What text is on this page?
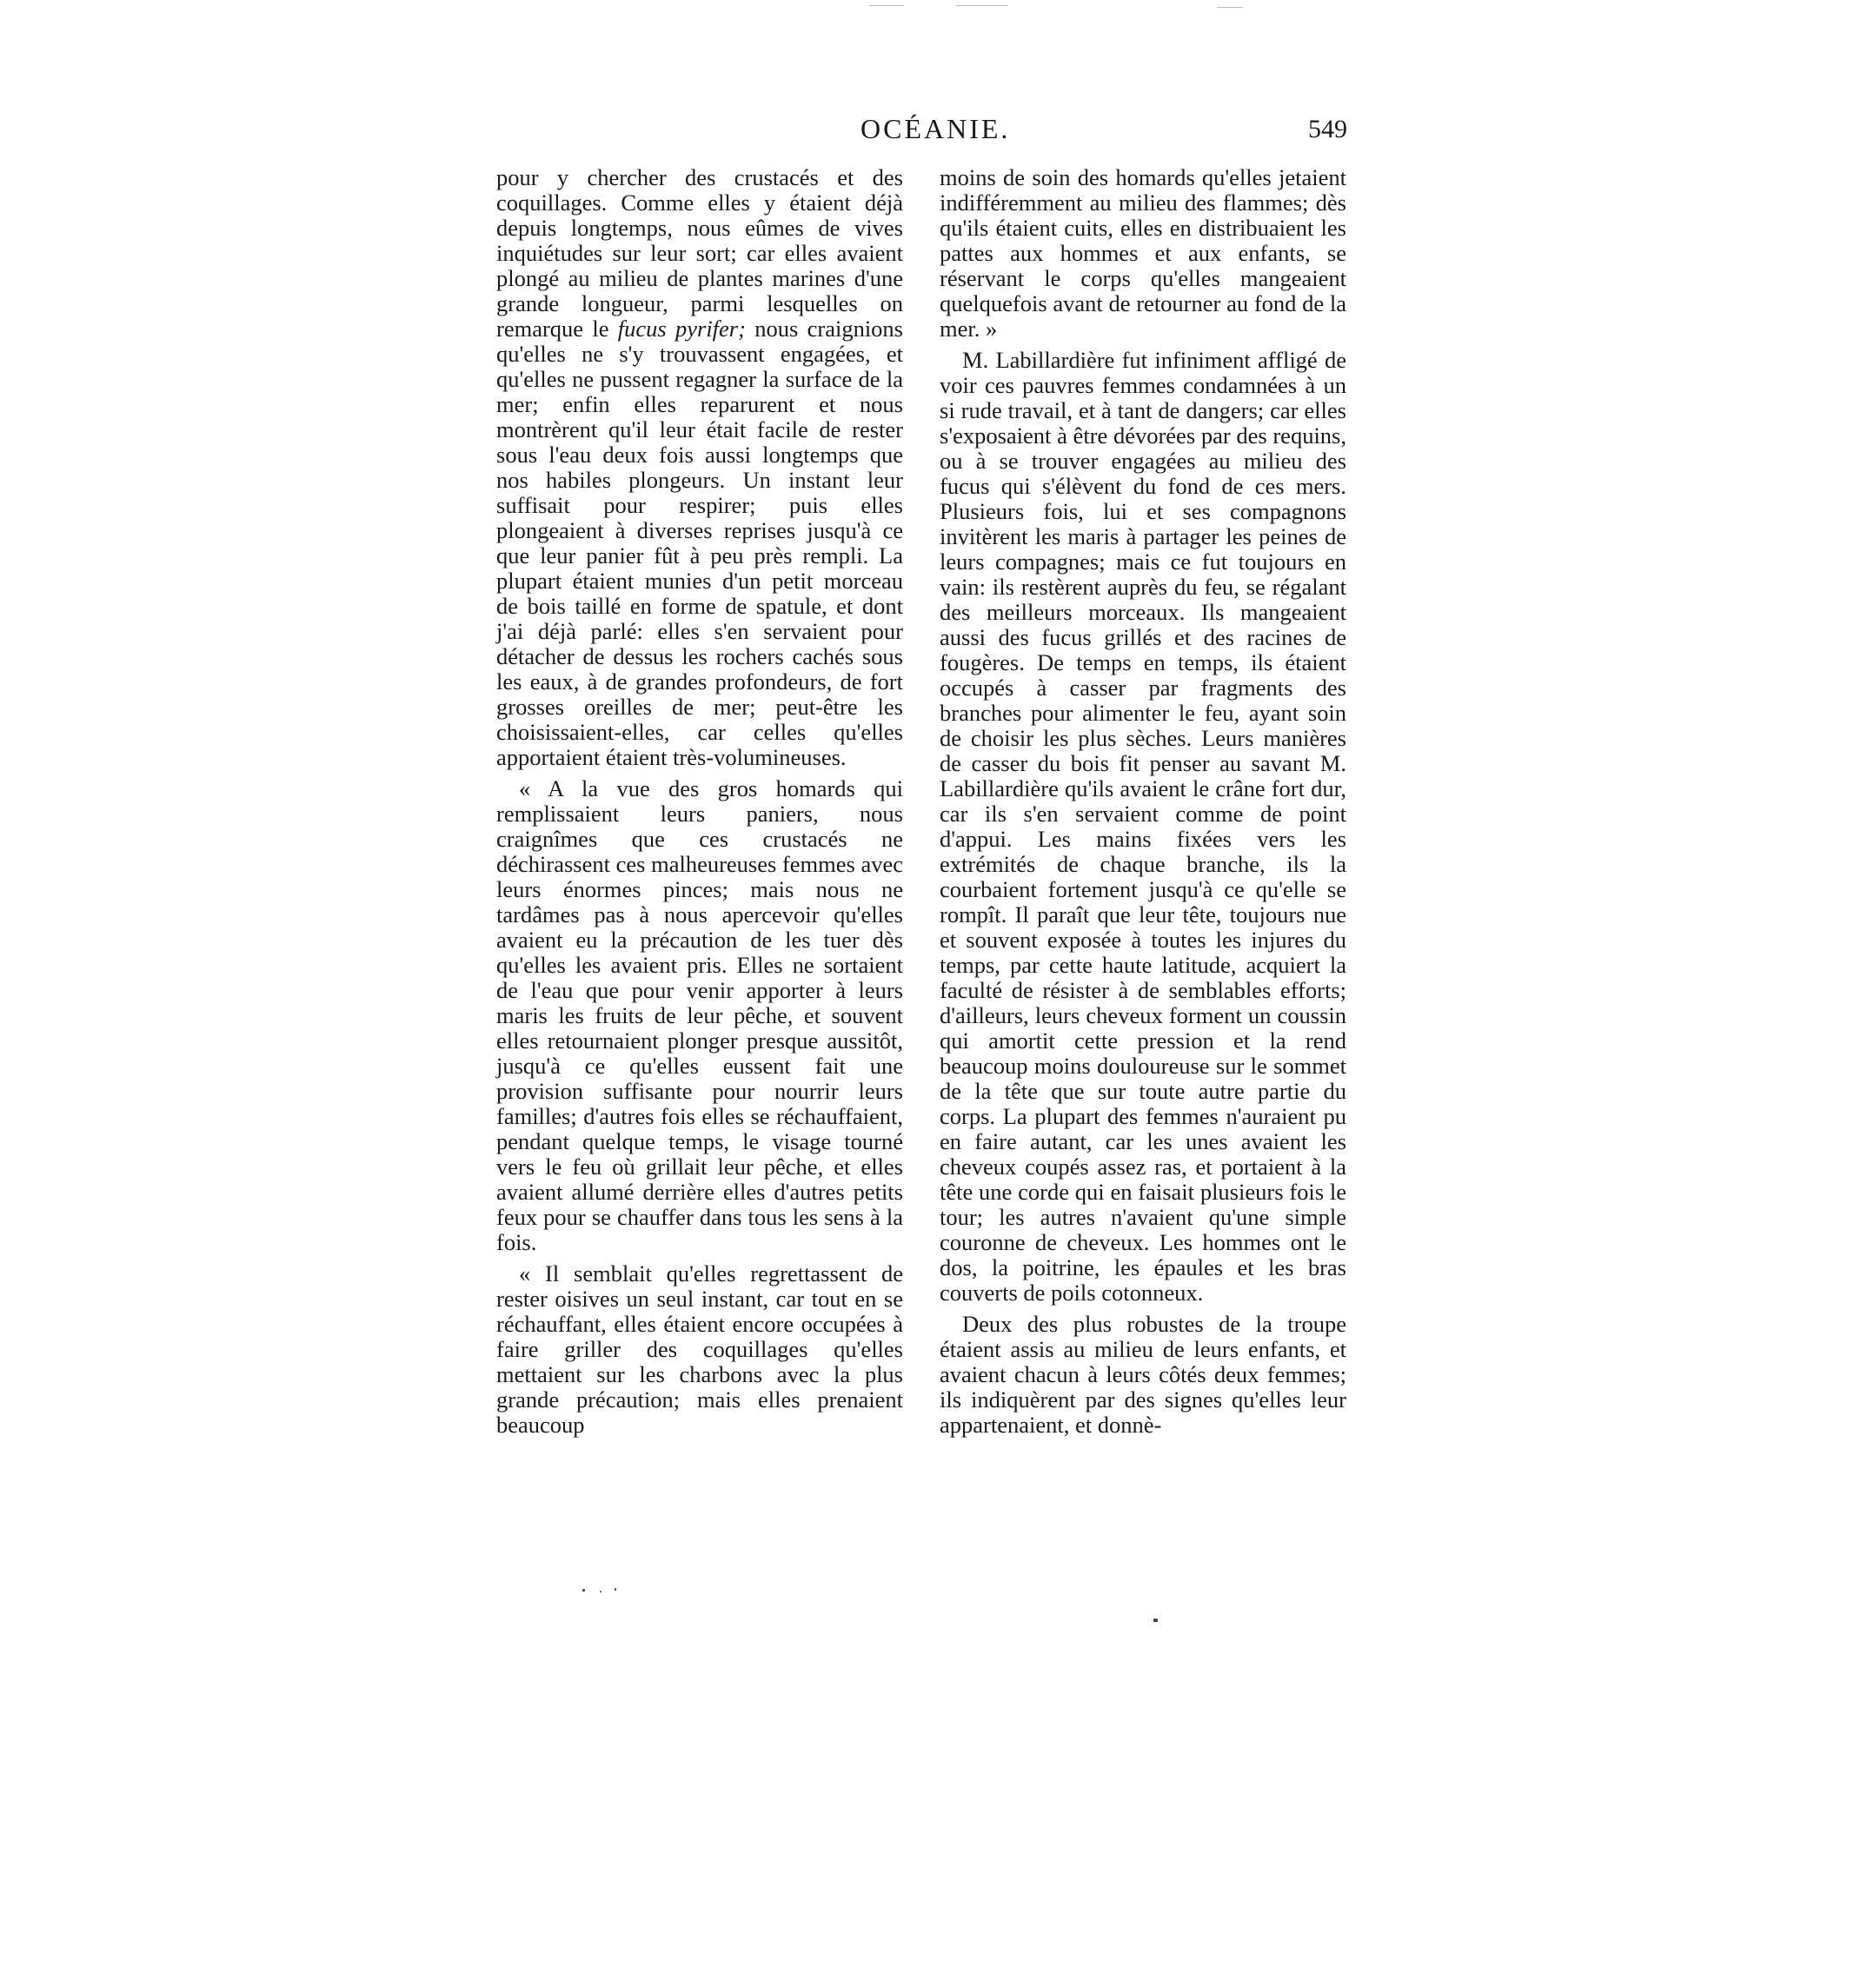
OCÉANIE.	549

pour y chercher des crustacés et des coquillages. Comme elles y étaient déjà depuis longtemps, nous eûmes de vives inquiétudes sur leur sort; car elles avaient plongé au milieu de plantes marines d'une grande longueur, parmi lesquelles on remarque le fucus pyrifer; nous craignions qu'elles ne s'y trouvassent engagées, et qu'elles ne pussent regagner la surface de la mer; enfin elles reparurent et nous montrèrent qu'il leur était facile de rester sous l'eau deux fois aussi longtemps que nos habiles plongeurs. Un instant leur suffisait pour respirer; puis elles plongeaient à diverses reprises jusqu'à ce que leur panier fût à peu près rempli. La plupart étaient munies d'un petit morceau de bois taillé en forme de spatule, et dont j'ai déjà parlé: elles s'en servaient pour détacher de dessus les rochers cachés sous les eaux, à de grandes profondeurs, de fort grosses oreilles de mer; peut-être les choisissaient-elles, car celles qu'elles apportaient étaient très-volumineuses.

« A la vue des gros homards qui remplissaient leurs paniers, nous craignîmes que ces crustacés ne déchirassent ces malheureuses femmes avec leurs énormes pinces; mais nous ne tardâmes pas à nous apercevoir qu'elles avaient eu la précaution de les tuer dès qu'elles les avaient pris. Elles ne sortaient de l'eau que pour venir apporter à leurs maris les fruits de leur pêche, et souvent elles retournaient plonger presque aussitôt, jusqu'à ce qu'elles eussent fait une provision suffisante pour nourrir leurs familles; d'autres fois elles se réchauffaient, pendant quelque temps, le visage tourné vers le feu où grillait leur pêche, et elles avaient allumé derrière elles d'autres petits feux pour se chauffer dans tous les sens à la fois.

« Il semblait qu'elles regrettassent de rester oisives un seul instant, car tout en se réchauffant, elles étaient encore occupées à faire griller des coquillages qu'elles mettaient sur les charbons avec la plus grande précaution; mais elles prenaient beaucoup

moins de soin des homards qu'elles jetaient indifféremment au milieu des flammes; dès qu'ils étaient cuits, elles en distribuaient les pattes aux hommes et aux enfants, se réservant le corps qu'elles mangeaient quelquefois avant de retourner au fond de la mer. »

M. Labillardière fut infiniment affligé de voir ces pauvres femmes condamnées à un si rude travail, et à tant de dangers; car elles s'exposaient à être dévorées par des requins, ou à se trouver engagées au milieu des fucus qui s'élèvent du fond de ces mers. Plusieurs fois, lui et ses compagnons invitèrent les maris à partager les peines de leurs compagnes; mais ce fut toujours en vain: ils restèrent auprès du feu, se régalant des meilleurs morceaux. Ils mangeaient aussi des fucus grillés et des racines de fougères. De temps en temps, ils étaient occupés à casser par fragments des branches pour alimenter le feu, ayant soin de choisir les plus sèches. Leurs manières de casser du bois fit penser au savant M. Labillardière qu'ils avaient le crâne fort dur, car ils s'en servaient comme de point d'appui. Les mains fixées vers les extrémités de chaque branche, ils la courbaient fortement jusqu'à ce qu'elle se rompît. Il paraît que leur tête, toujours nue et souvent exposée à toutes les injures du temps, par cette haute latitude, acquiert la faculté de résister à de semblables efforts; d'ailleurs, leurs cheveux forment un coussin qui amortit cette pression et la rend beaucoup moins douloureuse sur le sommet de la tête que sur toute autre partie du corps. La plupart des femmes n'auraient pu en faire autant, car les unes avaient les cheveux coupés assez ras, et portaient à la tête une corde qui en faisait plusieurs fois le tour; les autres n'avaient qu'une simple couronne de cheveux. Les hommes ont le dos, la poitrine, les épaules et les bras couverts de poils cotonneux.

Deux des plus robustes de la troupe étaient assis au milieu de leurs enfants, et avaient chacun à leurs côtés deux femmes; ils indiquèrent par des signes qu'elles leur appartenaient, et donnè-
